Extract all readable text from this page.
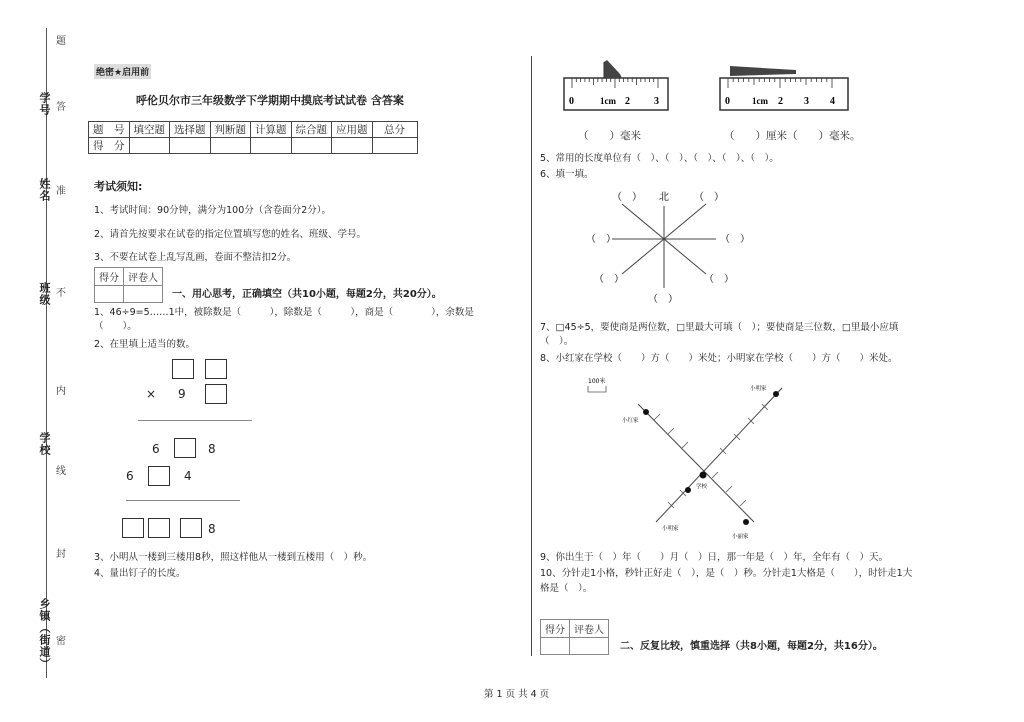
学号
姓名
班级
学校
乡镇（街道）
题
答
准
不
内
线
封
密
绝密★启用前
呼伦贝尔市三年级数学下学期期中摸底考试试卷 含答案
题　号	填空题	选择题	判断题	计算题	综合题	应用题	总分
得　分							
考试须知:
1、考试时间：90分钟，满分为100分（含卷面分2分）。
2、请首先按要求在试卷的指定位置填写您的姓名、班级、学号。
3、不要在试卷上乱写乱画，卷面不整洁扣2分。
得分	评卷人

一、用心思考，正确填空（共10小题，每题2分，共20分）。
1、46÷9=5……1中，被除数是（　　　），除数是（　　　），商是（　　　　），余数是
（　　）。
2、在里填上适当的数。
× 9
6	8
6	4
8
3、小明从一楼到三楼用8秒，照这样他从一楼到五楼用（　）秒。
4、量出钉子的长度。
0	1cm 2 3	0 1cm 2 3 4
（　　）毫米	（　　）厘米（　　）毫米。
5、常用的长度单位有（　）、（　）、（　）、（　）、（　）。
6、填一填。
（　） 北	（　）
（　）	（　）
（　）	（　）
（　）
7、□45÷5，要使商是两位数，□里最大可填（　）；要使商是三位数，□里最小应填
（　）。
8、小红家在学校（　　）方（　　）米处；小明家在学校（　　）方（　　）米处。
100米
小明家
小红家
学校
小明家
小丽家
9、你出生于（　）年（　　）月（　）日，那一年是（　）年，全年有（　）天。
10、分针走1小格，秒针正好走（　），是（　）秒。分针走1大格是（　　），时针走1大
格是（　）。
得分	评卷人

二、反复比较，慎重选择（共8小题，每题2分，共16分）。
第 1 页 共 4 页
